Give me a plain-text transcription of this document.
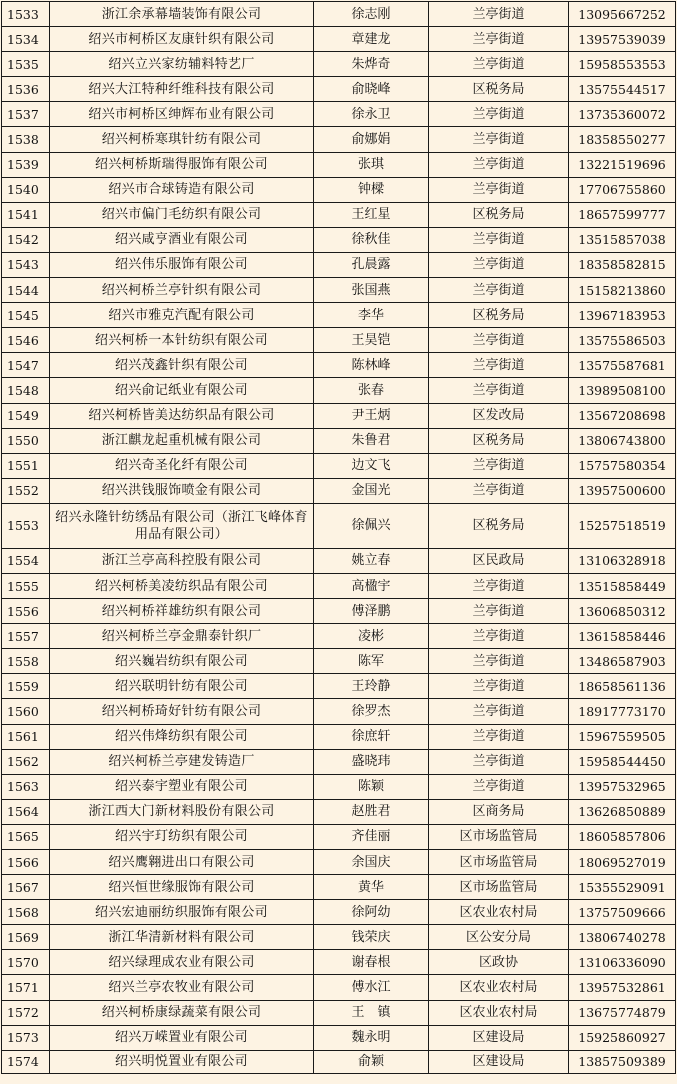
1533	浙江余承幕墙装饰有限公司	徐志刚	兰亭街道	13095667252
1534	绍兴市柯桥区友康针织有限公司	章建龙	兰亭街道	13957539039
1535	绍兴立兴家纺辅料特艺厂	朱烨奇	兰亭街道	15958553553
1536	绍兴大江特种纤维科技有限公司	俞晓峰	区税务局	13575544517
1537	绍兴市柯桥区绅辉布业有限公司	徐永卫	兰亭街道	13735360072
1538	绍兴柯桥寒琪针纺有限公司	俞娜娟	兰亭街道	18358550277
1539	绍兴柯桥斯瑞得服饰有限公司	张琪	兰亭街道	13221519696
1540	绍兴市合球铸造有限公司	钟樑	兰亭街道	17706755860
1541	绍兴市偏门毛纺织有限公司	王红星	区税务局	18657599777
1542	绍兴咸亨酒业有限公司	徐秋佳	兰亭街道	13515857038
1543	绍兴伟乐服饰有限公司	孔晨露	兰亭街道	18358582815
1544	绍兴柯桥兰亭针织有限公司	张国燕	兰亭街道	15158213860
1545	绍兴市雅克汽配有限公司	李华	区税务局	13967183953
1546	绍兴柯桥一本针纺织有限公司	王昊铠	兰亭街道	13575586503
1547	绍兴茂鑫针织有限公司	陈林峰	兰亭街道	13575587681
1548	绍兴俞记纸业有限公司	张春	兰亭街道	13989508100
1549	绍兴柯桥皆美达纺织品有限公司	尹王炳	区发改局	13567208698
1550	浙江麒龙起重机械有限公司	朱鲁君	区税务局	13806743800
1551	绍兴奇圣化纤有限公司	边文飞	兰亭街道	15757580354
1552	绍兴洪钱服饰喷金有限公司	金国光	兰亭街道	13957500600
1553	绍兴永隆针纺绣品有限公司（浙江飞峰体育用品有限公司）	徐佩兴	区税务局	15257518519
1554	浙江兰亭高科控股有限公司	姚立春	区民政局	13106328918
1555	绍兴柯桥美凌纺织品有限公司	高楹宇	兰亭街道	13515858449
1556	绍兴柯桥祥雄纺织有限公司	傅泽鹏	兰亭街道	13606850312
1557	绍兴柯桥兰亭金鼎泰针织厂	凌彬	兰亭街道	13615858446
1558	绍兴巍岩纺织有限公司	陈军	兰亭街道	13486587903
1559	绍兴联明针纺有限公司	王玲静	兰亭街道	18658561136
1560	绍兴柯桥琦好针纺有限公司	徐罗杰	兰亭街道	18917773170
1561	绍兴伟烽纺织有限公司	徐庶轩	兰亭街道	15967559505
1562	绍兴柯桥兰亭建发铸造厂	盛晓玮	兰亭街道	15958544450
1563	绍兴泰宇塑业有限公司	陈颖	兰亭街道	13957532965
1564	浙江西大门新材料股份有限公司	赵胜君	区商务局	13626850889
1565	绍兴宇玎纺织有限公司	齐佳丽	区市场监管局	18605857806
1566	绍兴鹰翱进出口有限公司	余国庆	区市场监管局	18069527019
1567	绍兴恒世缘服饰有限公司	黄华	区市场监管局	15355529091
1568	绍兴宏迪丽纺织服饰有限公司	徐阿幼	区农业农村局	13757509666
1569	浙江华清新材料有限公司	钱荣庆	区公安分局	13806740278
1570	绍兴绿理成农业有限公司	谢春根	区政协	13106336090
1571	绍兴兰亭农牧业有限公司	傅水江	区农业农村局	13957532861
1572	绍兴柯桥康绿蔬菜有限公司	王　镇	区农业农村局	13675774879
1573	绍兴万嵘置业有限公司	魏永明	区建设局	15925860927
1574	绍兴明悦置业有限公司	俞颖	区建设局	13857509389
